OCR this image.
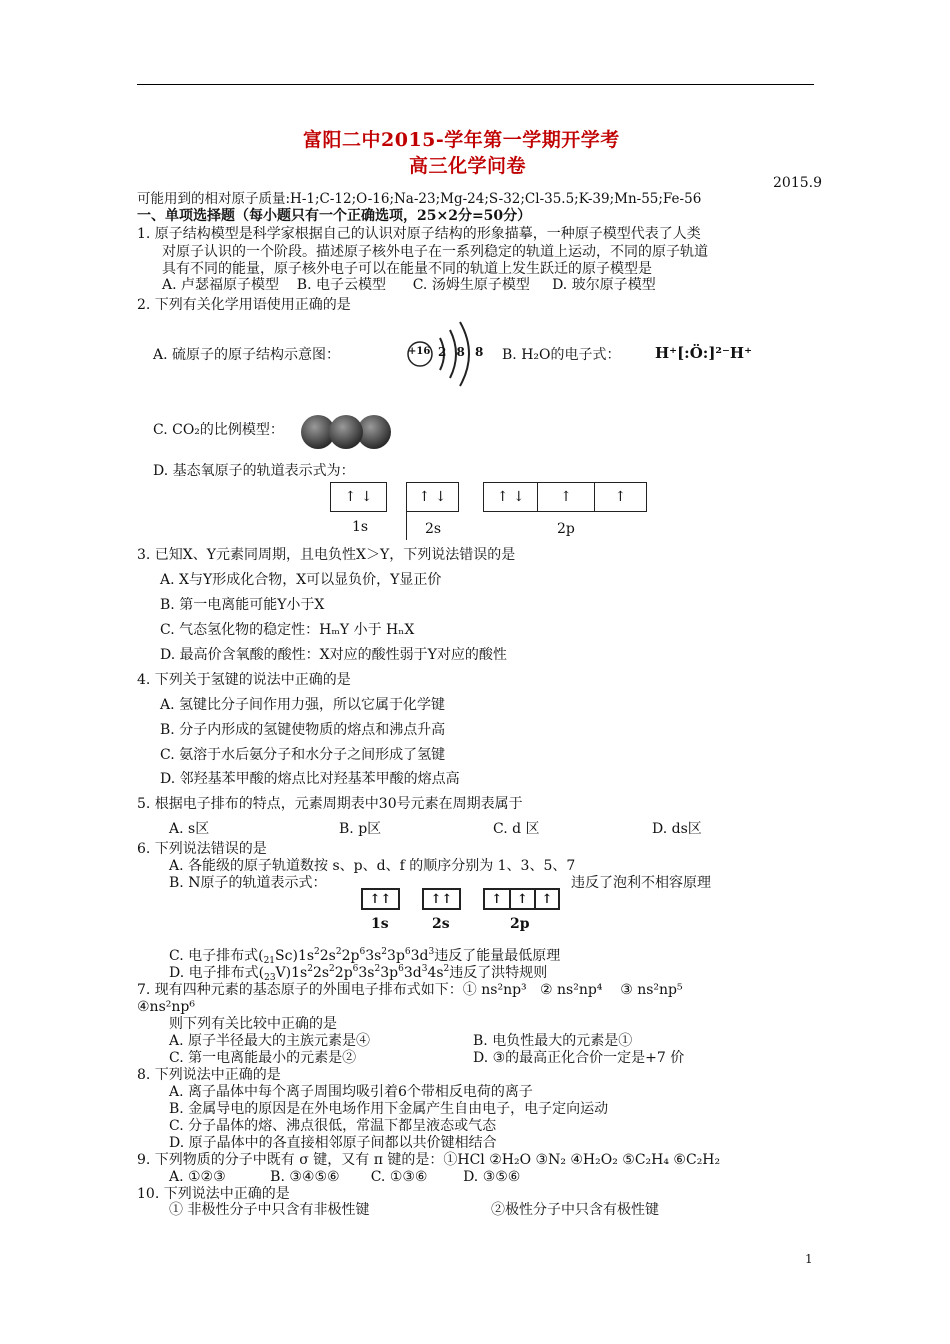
富阳二中2015-学年第一学期开学考
高三化学问卷
2015.9
可能用到的相对原子质量:H-1;C-12;O-16;Na-23;Mg-24;S-32;Cl-35.5;K-39;Mn-55;Fe-56
一、单项选择题（每小题只有一个正确选项，25×2分=50分）
1. 原子结构模型是科学家根据自己的认识对原子结构的形象描摹，一种原子模型代表了人类
对原子认识的一个阶段。描述原子核外电子在一系列稳定的轨道上运动，不同的原子轨道
具有不同的能量，原子核外电子可以在能量不同的轨道上发生跃迁的原子模型是
A. 卢瑟福原子模型    B. 电子云模型      C. 汤姆生原子模型     D. 玻尔原子模型
2. 下列有关化学用语使用正确的是
A. 硫原子的原子结构示意图：	+16 2 8 8 B. H₂O的电子式： H⁺[:Ö:]²⁻H⁺
C. CO₂的比例模型：
D. 基态氧原子的轨道表示式为：
↑ ↓	↑ ↓	↑ ↓	↑	↑
1s	2s	2p
3. 已知X、Y元素同周期，且电负性X＞Y，下列说法错误的是
A. X与Y形成化合物，X可以显负价，Y显正价
B. 第一电离能可能Y小于X
C. 气态氢化物的稳定性：HₘY 小于 HₙX
D. 最高价含氧酸的酸性：X对应的酸性弱于Y对应的酸性
4. 下列关于氢键的说法中正确的是
A. 氢键比分子间作用力强，所以它属于化学键
B. 分子内形成的氢键使物质的熔点和沸点升高
C. 氨溶于水后氨分子和水分子之间形成了氢键
D. 邻羟基苯甲酸的熔点比对羟基苯甲酸的熔点高
5. 根据电子排布的特点，元素周期表中30号元素在周期表属于
A. s区	B. p区	C. d 区	D. ds区
6. 下列说法错误的是
A. 各能级的原子轨道数按 s、p、d、f 的顺序分别为 1、3、5、7
B. N原子的轨道表示式：	违反了泡利不相容原理
↑↑	↑↑	↑	↑	↑
1s	2s	2p
C. 电子排布式$(_{21}Sc)1s^22s^22p^63s^23p^63d^3$违反了能量最低原理
D. 电子排布式$(_{23}V)1s^22s^22p^63s^23p^63d^34s^2$违反了洪特规则
7. 现有四种元素的基态原子的外围电子排布式如下：① ns²np³   ② ns²np⁴    ③ ns²np⁵
④ns²np⁶
则下列有关比较中正确的是
A. 原子半径最大的主族元素是④	B. 电负性最大的元素是①
C. 第一电离能最小的元素是②	D. ③的最高正化合价一定是+7 价
8. 下列说法中正确的是
A. 离子晶体中每个离子周围均吸引着6个带相反电荷的离子
B. 金属导电的原因是在外电场作用下金属产生自由电子，电子定向运动
C. 分子晶体的熔、沸点很低，常温下都呈液态或气态
D. 原子晶体中的各直接相邻原子间都以共价键相结合
9. 下列物质的分子中既有 σ 键，又有 π 键的是：①HCl ②H₂O ③N₂ ④H₂O₂ ⑤C₂H₄ ⑥C₂H₂
A. ①②③          B. ③④⑤⑥       C. ①③⑥        D. ③⑤⑥
10. 下列说法中正确的是
① 非极性分子中只含有非极性键	②极性分子中只含有极性键
1
